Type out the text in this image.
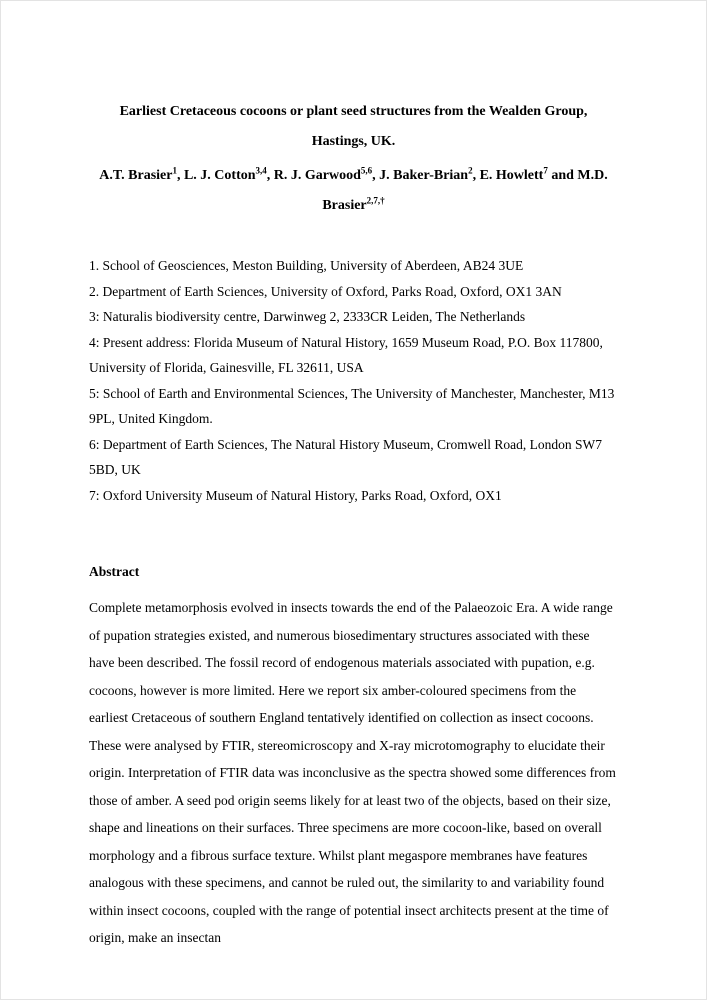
Earliest Cretaceous cocoons or plant seed structures from the Wealden Group,
Hastings, UK.

A.T. Brasier$^1$, L. J. Cotton$^{3,4}$, R. J. Garwood$^{5,6}$, J. Baker-Brian$^2$, E. Howlett$^7$ and M.D. Brasier$^{2,7,\dagger}$

1. School of Geosciences, Meston Building, University of Aberdeen, AB24 3UE

2. Department of Earth Sciences, University of Oxford, Parks Road, Oxford, OX1 3AN

3: Naturalis biodiversity centre, Darwinweg 2, 2333CR Leiden, The Netherlands

4: Present address: Florida Museum of Natural History, 1659 Museum Road, P.O. Box 117800, University of Florida, Gainesville, FL 32611, USA

5: School of Earth and Environmental Sciences, The University of Manchester, Manchester, M13 9PL, United Kingdom.

6: Department of Earth Sciences, The Natural History Museum, Cromwell Road, London SW7 5BD, UK

7: Oxford University Museum of Natural History, Parks Road, Oxford, OX1

Abstract

Complete metamorphosis evolved in insects towards the end of the Palaeozoic Era. A wide range of pupation strategies existed, and numerous biosedimentary structures associated with these have been described. The fossil record of endogenous materials associated with pupation, e.g. cocoons, however is more limited. Here we report six amber-coloured specimens from the earliest Cretaceous of southern England tentatively identified on collection as insect cocoons. These were analysed by FTIR, stereomicroscopy and X-ray microtomography to elucidate their origin. Interpretation of FTIR data was inconclusive as the spectra showed some differences from those of amber. A seed pod origin seems likely for at least two of the objects, based on their size, shape and lineations on their surfaces. Three specimens are more cocoon-like, based on overall morphology and a fibrous surface texture. Whilst plant megaspore membranes have features analogous with these specimens, and cannot be ruled out, the similarity to and variability found within insect cocoons, coupled with the range of potential insect architects present at the time of origin, make an insectan
